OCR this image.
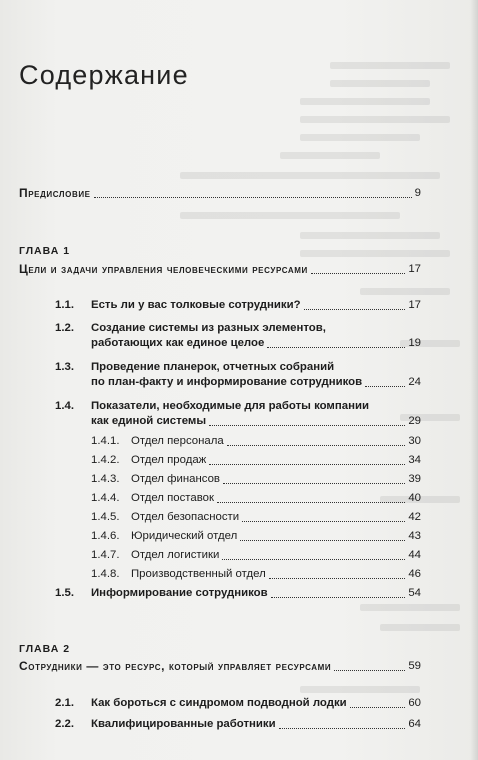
Содержание
Предисловие	9
ГЛАВА 1
Цели и задачи управления человеческими ресурсами	17
1.1.	Есть ли у вас толковые сотрудники?	17
1.2.	Создание системы из разных элементов,
работающих как единое целое	19
1.3.	Проведение планерок, отчетных собраний
по план-факту и информирование сотрудников	24
1.4.	Показатели, необходимые для работы компании
как единой системы	29
1.4.1.	Отдел персонала	30
1.4.2.	Отдел продаж	34
1.4.3.	Отдел финансов	39
1.4.4.	Отдел поставок	40
1.4.5.	Отдел безопасности	42
1.4.6.	Юридический отдел	43
1.4.7.	Отдел логистики	44
1.4.8.	Производственный отдел	46
1.5.	Информирование сотрудников	54
ГЛАВА 2
Сотрудники — это ресурс, который управляет ресурсами	59
2.1.	Как бороться с синдромом подводной лодки	60
2.2.	Квалифицированные работники	64
